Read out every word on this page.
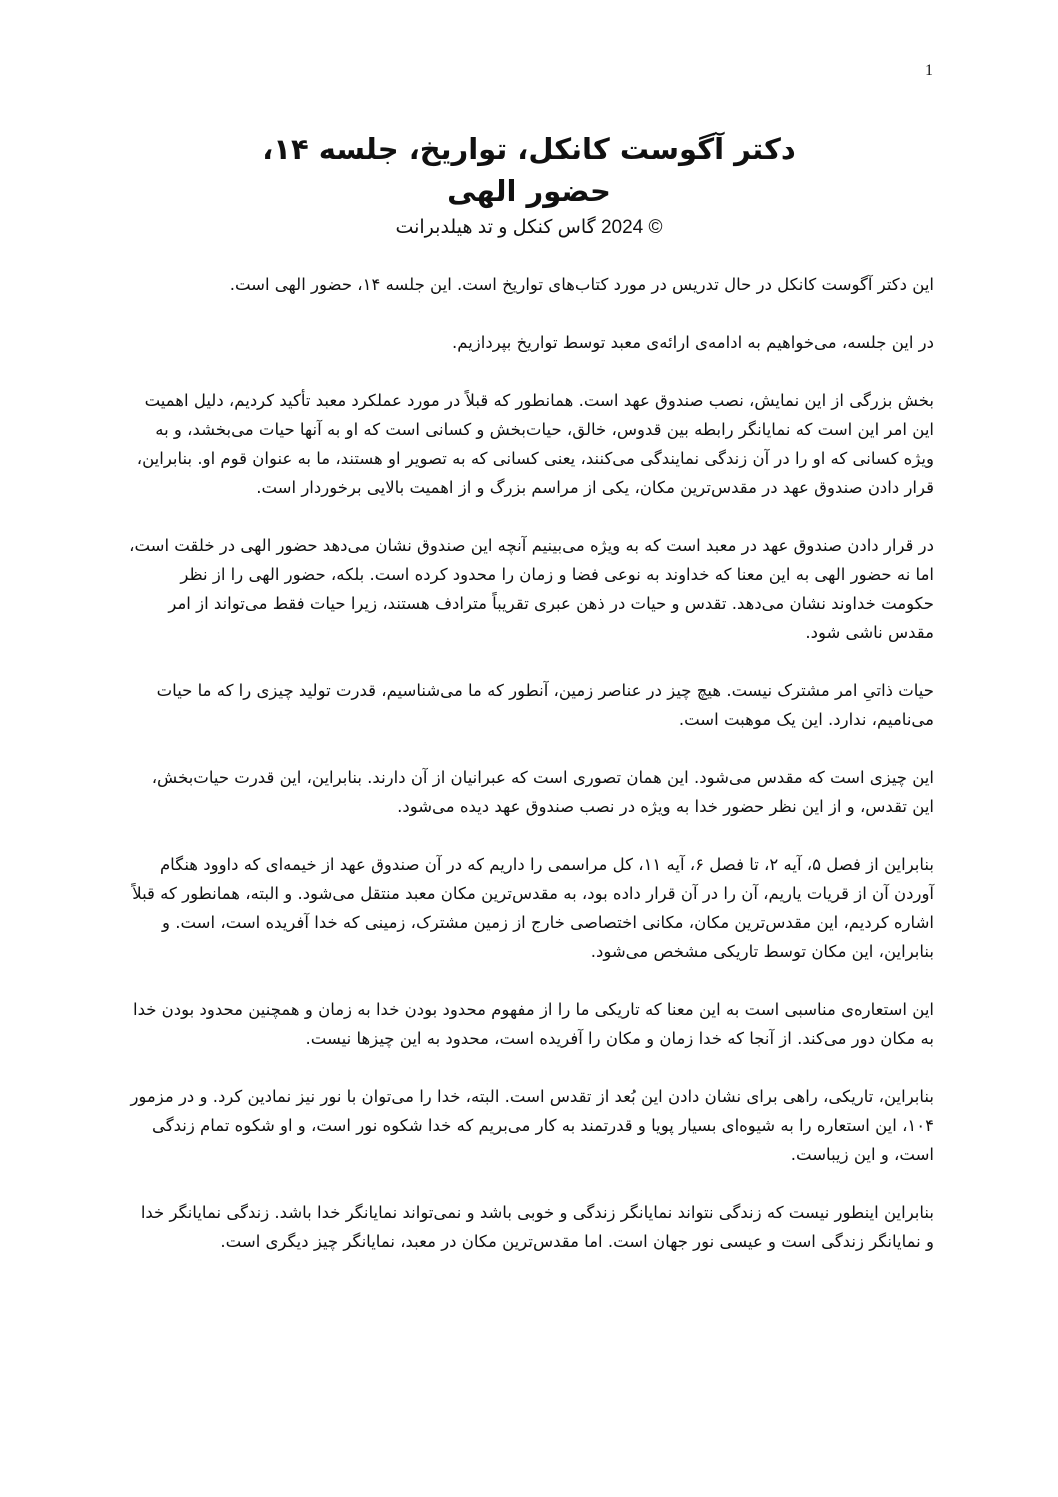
1

دکتر آگوست کانکل، تواریخ، جلسه ۱۴،

حضور الهی

© 2024 گاس کنکل و تد هیلدبرانت

این دکتر آگوست کانکل در حال تدریس در مورد کتاب‌های تواریخ است. این جلسه ۱۴، حضور الهی است.

در این جلسه، می‌خواهیم به ادامه‌ی ارائه‌ی معبد توسط تواریخ بپردازیم.

بخش بزرگی از این نمایش، نصب صندوق عهد است. همانطور که قبلاً در مورد عملکرد معبد تأکید کردیم، دلیل اهمیت این امر این است که نمایانگر رابطه بین قدوس، خالق، حیات‌بخش و کسانی است که او به آنها حیات می‌بخشد، و به ویژه کسانی که او را در آن زندگی نمایندگی می‌کنند، یعنی کسانی که به تصویر او هستند، ما به عنوان قوم او. بنابراین، قرار دادن صندوق عهد در مقدس‌ترین مکان، یکی از مراسم بزرگ و از اهمیت بالایی برخوردار است.

در قرار دادن صندوق عهد در معبد است که به ویژه می‌بینیم آنچه این صندوق نشان می‌دهد حضور الهی در خلقت است، اما نه حضور الهی به این معنا که خداوند به نوعی فضا و زمان را محدود کرده است. بلکه، حضور الهی را از نظر حکومت خداوند نشان می‌دهد. تقدس و حیات در ذهن عبری تقریباً مترادف هستند، زیرا حیات فقط می‌تواند از امر مقدس ناشی شود.

حیات ذاتیِ امر مشترک نیست. هیچ چیز در عناصر زمین، آنطور که ما می‌شناسیم، قدرت تولید چیزی را که ما حیات می‌نامیم، ندارد. این یک موهبت است.

این چیزی است که مقدس می‌شود. این همان تصوری است که عبرانیان از آن دارند. بنابراین، این قدرت حیات‌بخش، این تقدس، و از این نظر حضور خدا به ویژه در نصب صندوق عهد دیده می‌شود.

بنابراین از فصل ۵، آیه ۲، تا فصل ۶، آیه ۱۱، کل مراسمی را داریم که در آن صندوق عهد از خیمه‌ای که داوود هنگام آوردن آن از قریات یاریم، آن را در آن قرار داده بود، به مقدس‌ترین مکان معبد منتقل می‌شود. و البته، همانطور که قبلاً اشاره کردیم، این مقدس‌ترین مکان، مکانی اختصاصی خارج از زمین مشترک، زمینی که خدا آفریده است، است. و بنابراین، این مکان توسط تاریکی مشخص می‌شود.

این استعاره‌ی مناسبی است به این معنا که تاریکی ما را از مفهوم محدود بودن خدا به زمان و همچنین محدود بودن خدا به مکان دور می‌کند. از آنجا که خدا زمان و مکان را آفریده است، محدود به این چیزها نیست.

بنابراین، تاریکی، راهی برای نشان دادن این بُعد از تقدس است. البته، خدا را می‌توان با نور نیز نمادین کرد. و در مزمور ۱۰۴، این استعاره را به شیوه‌ای بسیار پویا و قدرتمند به کار می‌بریم که خدا شکوه نور است، و او شکوه تمام زندگی است، و این زیباست.

بنابراین اینطور نیست که زندگی نتواند نمایانگر زندگی و خوبی باشد و نمی‌تواند نمایانگر خدا باشد. زندگی نمایانگر خدا و نمایانگر زندگی است و عیسی نور جهان است. اما مقدس‌ترین مکان در معبد، نمایانگر چیز دیگری است.
